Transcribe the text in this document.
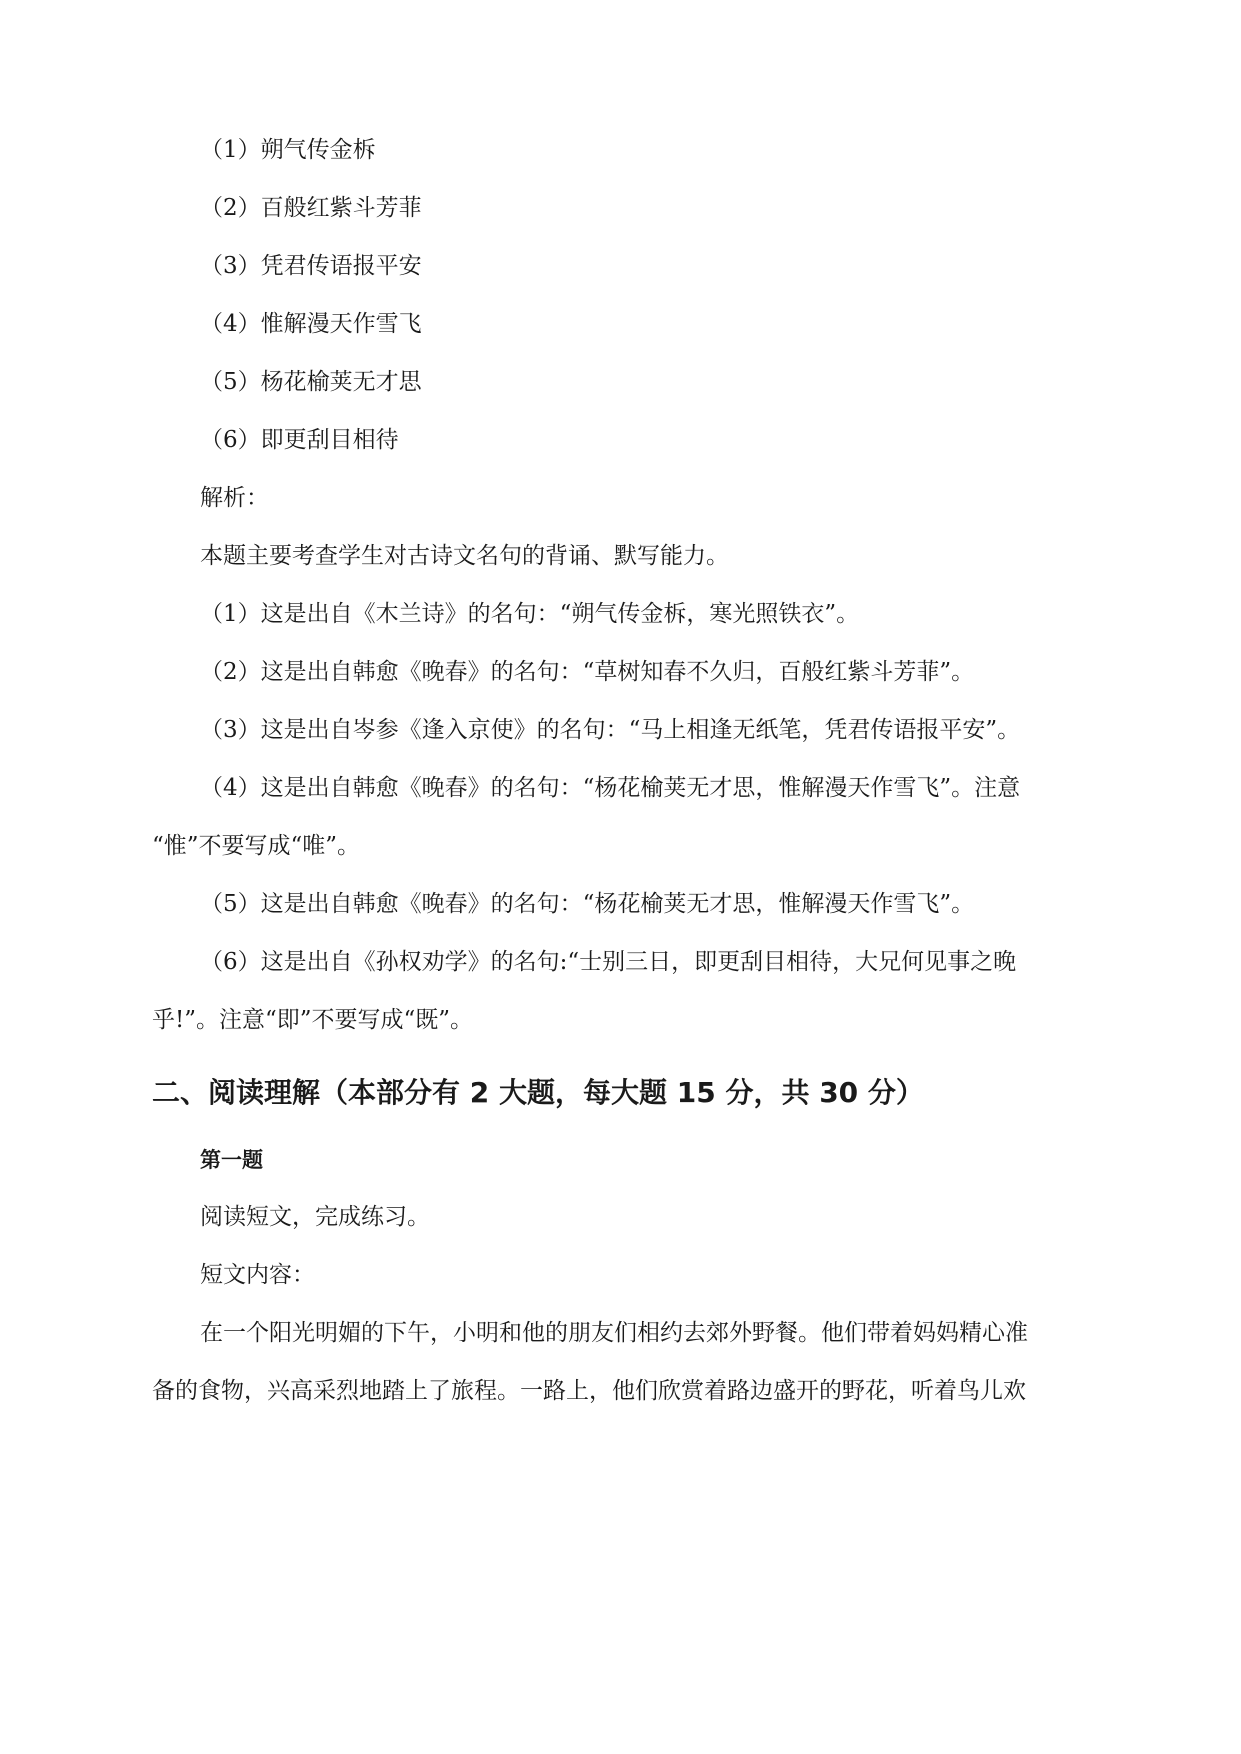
（1）朔气传金柝
（2）百般红紫斗芳菲
（3）凭君传语报平安
（4）惟解漫天作雪飞
（5）杨花榆荚无才思
（6）即更刮目相待
解析：
本题主要考查学生对古诗文名句的背诵、默写能力。
（1）这是出自《木兰诗》的名句：“朔气传金柝，寒光照铁衣”。
（2）这是出自韩愈《晚春》的名句：“草树知春不久归，百般红紫斗芳菲”。
（3）这是出自岑参《逢入京使》的名句：“马上相逢无纸笔，凭君传语报平安”。
（4）这是出自韩愈《晚春》的名句：“杨花榆荚无才思，惟解漫天作雪飞”。注意
“惟”不要写成“唯”。
（5）这是出自韩愈《晚春》的名句：“杨花榆荚无才思，惟解漫天作雪飞”。
（6）这是出自《孙权劝学》的名句:“士别三日，即更刮目相待，大兄何见事之晚
乎!”。注意“即”不要写成“既”。
二、阅读理解（本部分有 2 大题，每大题 15 分，共 30 分）
第一题
阅读短文，完成练习。
短文内容：
在一个阳光明媚的下午，小明和他的朋友们相约去郊外野餐。他们带着妈妈精心准
备的食物，兴高采烈地踏上了旅程。一路上，他们欣赏着路边盛开的野花，听着鸟儿欢
